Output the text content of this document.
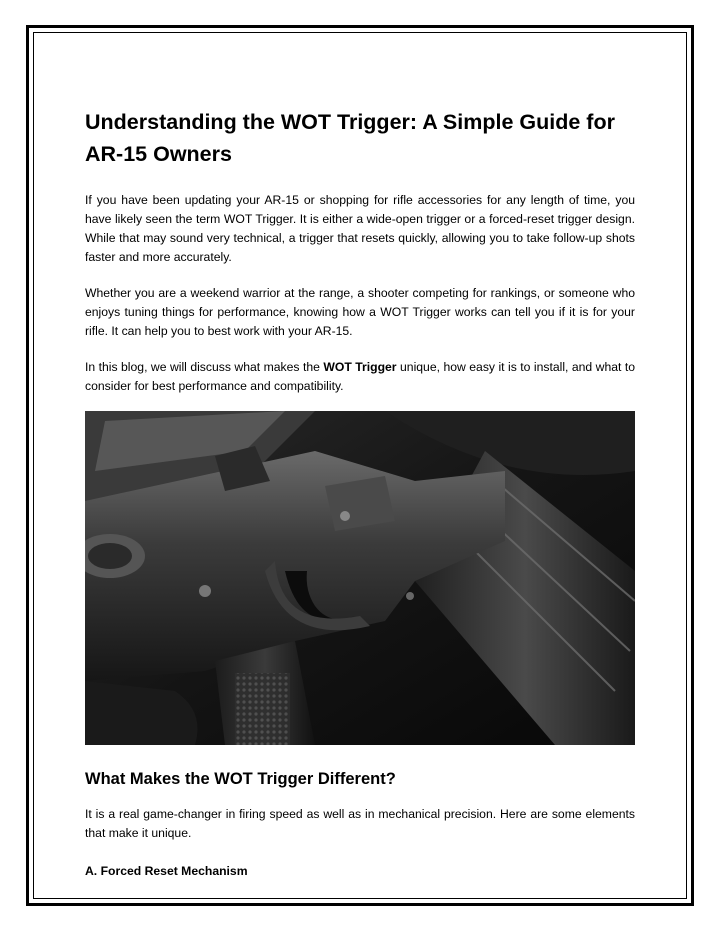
Understanding the WOT Trigger: A Simple Guide for AR-15 Owners

If you have been updating your AR-15 or shopping for rifle accessories for any length of time, you have likely seen the term WOT Trigger. It is either a wide-open trigger or a forced-reset trigger design. While that may sound very technical, a trigger that resets quickly, allowing you to take follow-up shots faster and more accurately.

Whether you are a weekend warrior at the range, a shooter competing for rankings, or someone who enjoys tuning things for performance, knowing how a WOT Trigger works can tell you if it is for your rifle. It can help you to best work with your AR-15.

In this blog, we will discuss what makes the WOT Trigger unique, how easy it is to install, and what to consider for best performance and compatibility.

What Makes the WOT Trigger Different?

It is a real game-changer in firing speed as well as in mechanical precision. Here are some elements that make it unique.

A. Forced Reset Mechanism
